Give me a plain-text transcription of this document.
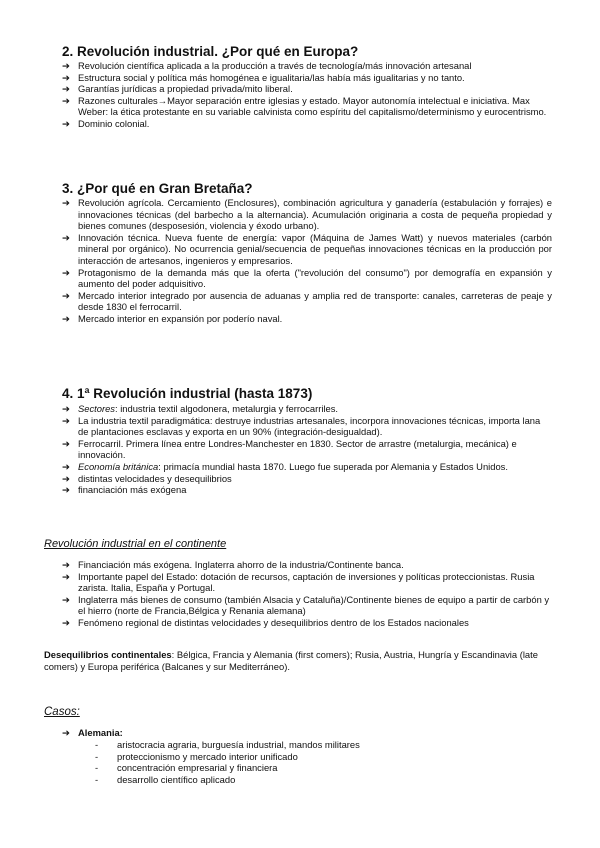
2. Revolución industrial. ¿Por qué en Europa?
➔ Revolución científica aplicada a la producción a través de tecnología/más innovación artesanal
➔ Estructura social y política más homogénea e igualitaria/las había más igualitarias y no tanto.
➔ Garantías jurídicas a propiedad privada/mito liberal.
➔ Razones culturales→Mayor separación entre iglesias y estado. Mayor autonomía intelectual e iniciativa. Max Weber: la ética protestante en su variable calvinista como espíritu del capitalismo/determinismo y eurocentrismo.
➔ Dominio colonial.
3. ¿Por qué en Gran Bretaña?
➔ Revolución agrícola. Cercamiento (Enclosures), combinación agricultura y ganadería (estabulación y forrajes) e innovaciones técnicas (del barbecho a la alternancia). Acumulación originaria a costa de pequeña propiedad y bienes comunes (desposesión, violencia y éxodo urbano).
➔ Innovación técnica. Nueva fuente de energía: vapor (Máquina de James Watt) y nuevos materiales (carbón mineral por orgánico). No ocurrencia genial/secuencia de pequeñas innovaciones técnicas en la producción por interacción de artesanos, ingenieros y empresarios.
➔ Protagonismo de la demanda más que la oferta ("revolución del consumo") por demografía en expansión y aumento del poder adquisitivo.
➔ Mercado interior integrado por ausencia de aduanas y amplia red de transporte: canales, carreteras de peaje y desde 1830 el ferrocarril.
➔ Mercado interior en expansión por poderío naval.
4. 1ª Revolución industrial (hasta 1873)
➔ Sectores: industria textil algodonera, metalurgia y ferrocarriles.
➔ La industria textil paradigmática: destruye industrias artesanales, incorpora innovaciones técnicas, importa lana de plantaciones esclavas y exporta en un 90% (integración-desigualdad).
➔ Ferrocarril. Primera línea entre Londres-Manchester en 1830. Sector de arrastre (metalurgia, mecánica) e innovación.
➔ Economía británica: primacía mundial hasta 1870. Luego fue superada por Alemania y Estados Unidos.
➔ distintas velocidades y desequilibrios
➔ financiación más exógena
Revolución industrial en el continente
➔ Financiación más exógena. Inglaterra ahorro de la industria/Continente banca.
➔ Importante papel del Estado: dotación de recursos, captación de inversiones y políticas proteccionistas. Rusia zarista. Italia, España y Portugal.
➔ Inglaterra más bienes de consumo (también Alsacia y Cataluña)/Continente bienes de equipo a partir de carbón y el hierro (norte de Francia,Bélgica y Renania alemana)
➔ Fenómeno regional de distintas velocidades y desequilibrios dentro de los Estados nacionales
Desequilibrios continentales: Bélgica, Francia y Alemania (first comers); Rusia, Austria, Hungría y Escandinavia (late comers) y Europa periférica (Balcanes y sur Mediterráneo).
Casos:
➔ Alemania:
- aristocracia agraria, burguesía industrial, mandos militares
- proteccionismo y mercado interior unificado
- concentración empresarial y financiera
- desarrollo científico aplicado
